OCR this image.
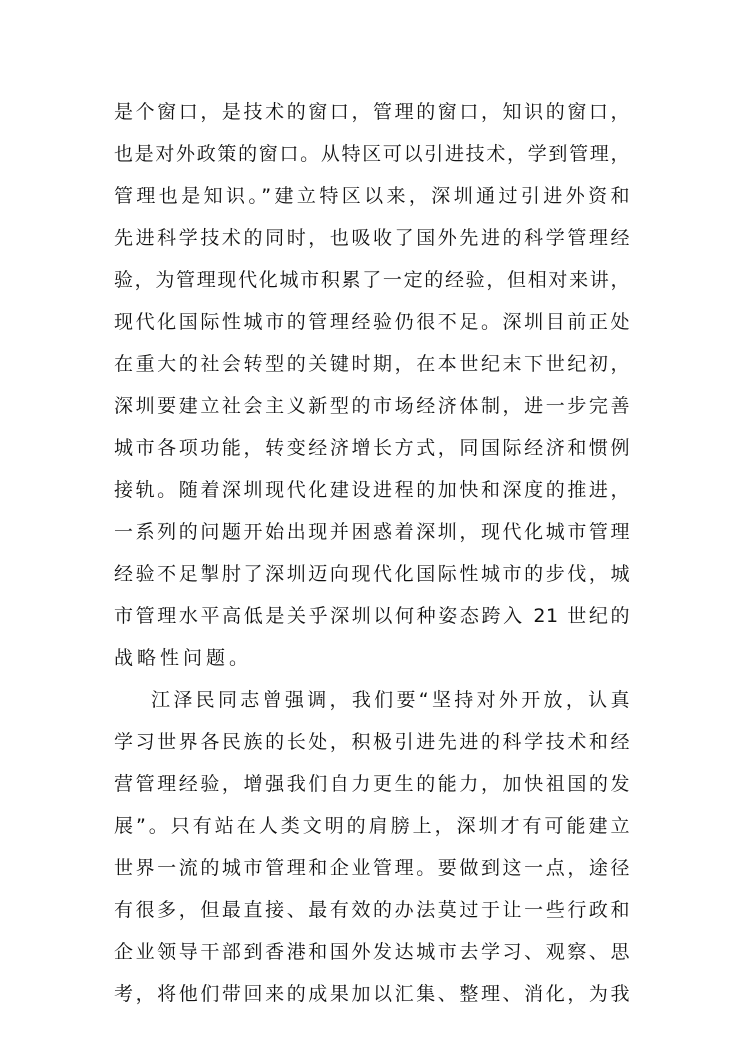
是个窗口，是技术的窗口，管理的窗口，知识的窗口，
也是对外政策的窗口。从特区可以引进技术，学到管理，
管理也是知识。”建立特区以来，深圳通过引进外资和
先进科学技术的同时，也吸收了国外先进的科学管理经
验，为管理现代化城市积累了一定的经验，但相对来讲，
现代化国际性城市的管理经验仍很不足。深圳目前正处
在重大的社会转型的关键时期，在本世纪末下世纪初，
深圳要建立社会主义新型的市场经济体制，进一步完善
城市各项功能，转变经济增长方式，同国际经济和惯例
接轨。随着深圳现代化建设进程的加快和深度的推进，
一系列的问题开始出现并困惑着深圳，现代化城市管理
经验不足掣肘了深圳迈向现代化国际性城市的步伐，城
市管理水平高低是关乎深圳以何种姿态跨入 21 世纪的
战略性问题。
江泽民同志曾强调，我们要“坚持对外开放，认真
学习世界各民族的长处，积极引进先进的科学技术和经
营管理经验，增强我们自力更生的能力，加快祖国的发
展”。只有站在人类文明的肩膀上，深圳才有可能建立
世界一流的城市管理和企业管理。要做到这一点，途径
有很多，但最直接、最有效的办法莫过于让一些行政和
企业领导干部到香港和国外发达城市去学习、观察、思
考，将他们带回来的成果加以汇集、整理、消化，为我
